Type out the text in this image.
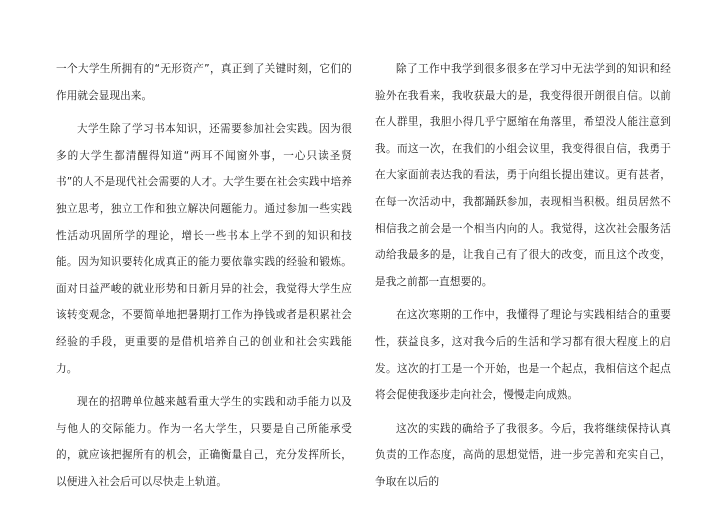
一个大学生所拥有的“无形资产”，真正到了关键时刻，它们的作用就会显现出来。

大学生除了学习书本知识，还需要参加社会实践。因为很多的大学生都清醒得知道“两耳不闻窗外事，一心只读圣贤书”的人不是现代社会需要的人才。大学生要在社会实践中培养独立思考，独立工作和独立解决问题能力。通过参加一些实践性活动巩固所学的理论，增长一些书本上学不到的知识和技能。因为知识要转化成真正的能力要依靠实践的经验和锻炼。面对日益严峻的就业形势和日新月异的社会，我觉得大学生应该转变观念，不要简单地把暑期打工作为挣钱或者是积累社会经验的手段，更重要的是借机培养自己的创业和社会实践能力。

现在的招聘单位越来越看重大学生的实践和动手能力以及与他人的交际能力。作为一名大学生，只要是自己所能承受的，就应该把握所有的机会，正确衡量自己，充分发挥所长，以便进入社会后可以尽快走上轨道。

除了工作中我学到很多很多在学习中无法学到的知识和经验外在我看来，我收获最大的是，我变得很开朗很自信。以前在人群里，我胆小得几乎宁愿缩在角落里，希望没人能注意到我。而这一次，在我们的小组会议里，我变得很自信，我勇于在大家面前表达我的看法，勇于向组长提出建议。更有甚者，在每一次活动中，我都踊跃参加，表现相当积极。组员居然不相信我之前会是一个相当内向的人。我觉得，这次社会服务活动给我最多的是，让我自己有了很大的改变，而且这个改变，是我之前都一直想要的。

在这次寒期的工作中，我懂得了理论与实践相结合的重要性，获益良多，这对我今后的生活和学习都有很大程度上的启发。这次的打工是一个开始，也是一个起点，我相信这个起点将会促使我逐步走向社会，慢慢走向成熟。

这次的实践的确给予了我很多。今后，我将继续保持认真负责的工作态度，高尚的思想觉悟，进一步完善和充实自己，争取在以后的
